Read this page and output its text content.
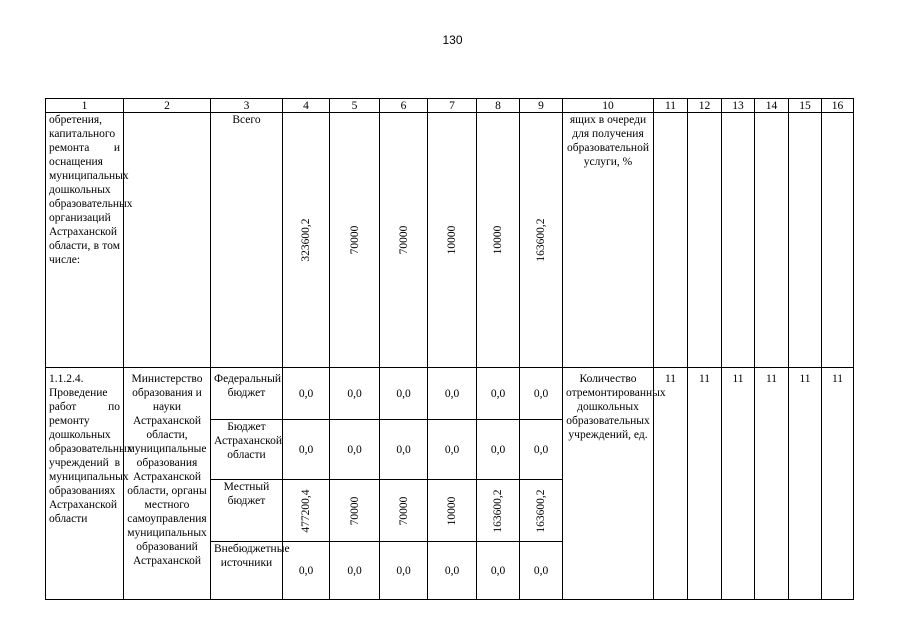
130
1	2	3	4	5	6	7	8	9	10	11	12	13	14	15	16
обретения, капитального ремонта и оснащения муниципальных дошкольных образовательных организаций Астраханской области, в том числе:		Всего	323600,2	70000	70000	10000	10000	163600,2	ящих в очереди для получения образовательной услуги, %						
1.1.2.4. Проведение работ по ремонту дошкольных образовательных учреждений в муниципальных образованиях Астраханской области	Министерство образования и науки Астраханской области, муниципальные образования Астраханской области, органы местного самоуправления муниципальных образований Астраханской	Федеральный бюджет	0,0	0,0	0,0	0,0	0,0	0,0	Количество отремонтированных дошкольных образовательных учреждений, ед.	11	11	11	11	11	11
		Бюджет Астраханской области	0,0	0,0	0,0	0,0	0,0	0,0							
		Местный бюджет	477200,4	70000	70000	10000	163600,2	163600,2							

		Внебюджетные источники	0,0	0,0	0,0	0,0	0,0	0,0							
